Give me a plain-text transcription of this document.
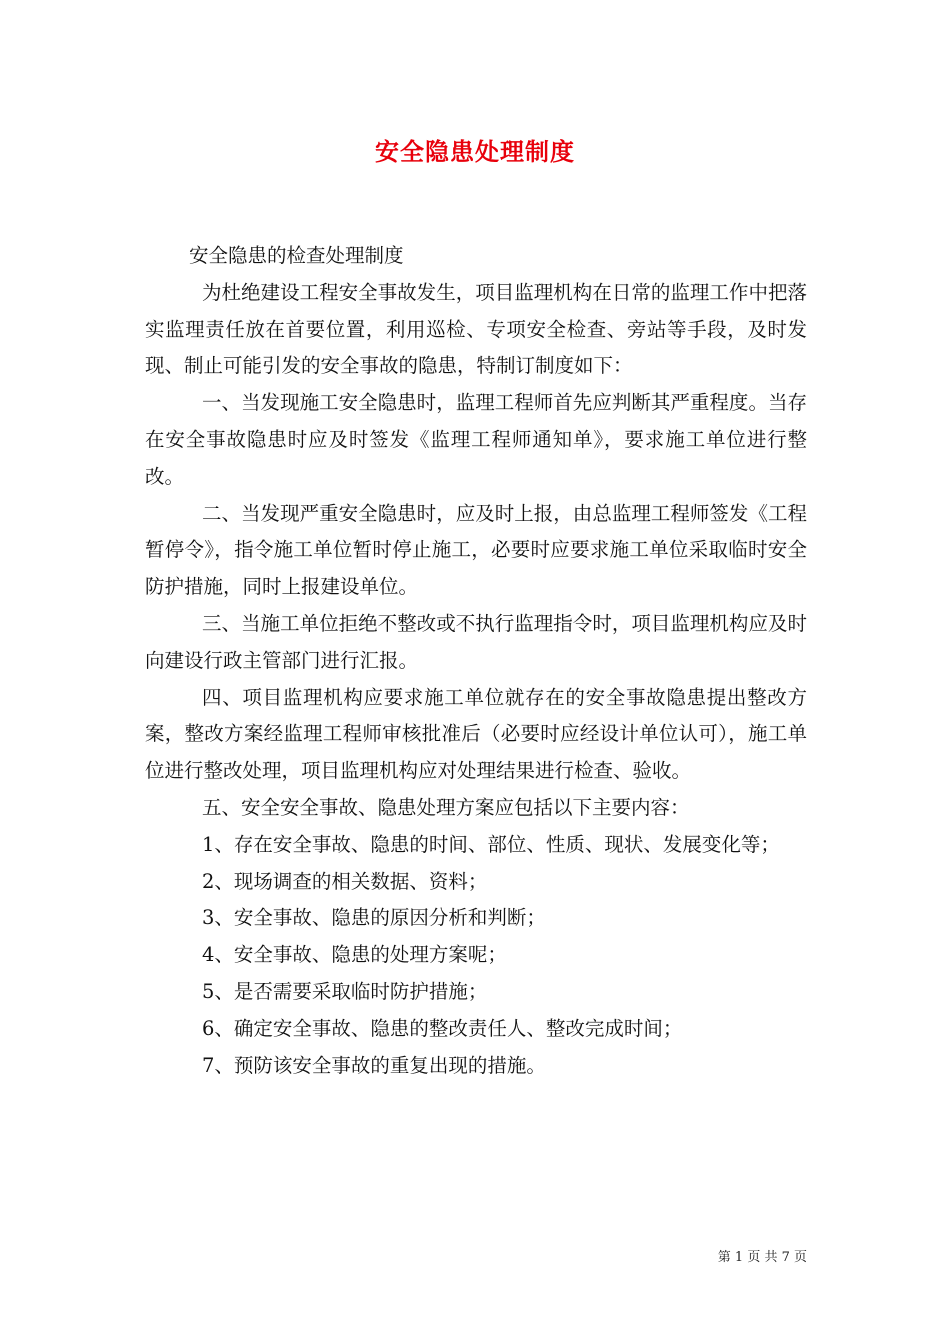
安全隐患处理制度

安全隐患的检查处理制度

为杜绝建设工程安全事故发生，项目监理机构在日常的监理工作中把落实监理责任放在首要位置，利用巡检、专项安全检查、旁站等手段，及时发现、制止可能引发的安全事故的隐患，特制订制度如下：

一、当发现施工安全隐患时，监理工程师首先应判断其严重程度。当存在安全事故隐患时应及时签发《监理工程师通知单》，要求施工单位进行整改。

二、当发现严重安全隐患时，应及时上报，由总监理工程师签发《工程暂停令》，指令施工单位暂时停止施工，必要时应要求施工单位采取临时安全防护措施，同时上报建设单位。

三、当施工单位拒绝不整改或不执行监理指令时，项目监理机构应及时向建设行政主管部门进行汇报。

四、项目监理机构应要求施工单位就存在的安全事故隐患提出整改方案，整改方案经监理工程师审核批准后（必要时应经设计单位认可），施工单位进行整改处理，项目监理机构应对处理结果进行检查、验收。

五、安全安全事故、隐患处理方案应包括以下主要内容：

1、存在安全事故、隐患的时间、部位、性质、现状、发展变化等；

2、现场调查的相关数据、资料；

3、安全事故、隐患的原因分析和判断；

4、安全事故、隐患的处理方案呢；

5、是否需要采取临时防护措施；

6、确定安全事故、隐患的整改责任人、整改完成时间；

7、预防该安全事故的重复出现的措施。

第 1 页 共 7 页
